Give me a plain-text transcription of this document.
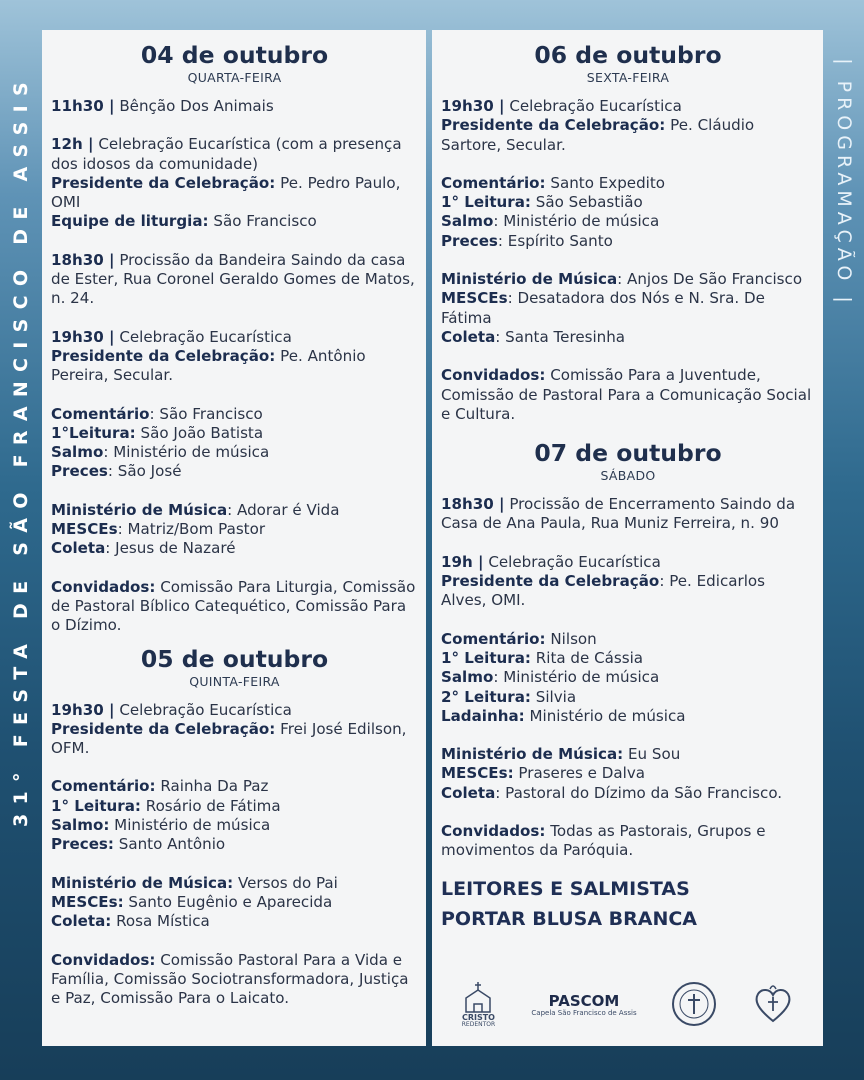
31° FESTA DE SÃO FRANCISCO DE ASSIS	| PROGRAMAÇÃO |
04 de outubro
QUARTA-FEIRA
11h30 | Bênção Dos Animais
12h | Celebração Eucarística (com a presença dos idosos da comunidade)
Presidente da Celebração: Pe. Pedro Paulo, OMI
Equipe de liturgia: São Francisco
18h30 | Procissão da Bandeira Saindo da casa de Ester, Rua Coronel Geraldo Gomes de Matos, n. 24.
19h30 | Celebração Eucarística
Presidente da Celebração: Pe. Antônio Pereira, Secular.
Comentário: São Francisco
1°Leitura: São João Batista
Salmo: Ministério de música
Preces: São José
Ministério de Música: Adorar é Vida
MESCEs: Matriz/Bom Pastor
Coleta: Jesus de Nazaré
Convidados: Comissão Para Liturgia, Comissão de Pastoral Bíblico Catequético, Comissão Para o Dízimo.
05 de outubro
QUINTA-FEIRA
19h30 | Celebração Eucarística
Presidente da Celebração: Frei José Edilson, OFM.
Comentário: Rainha Da Paz
1° Leitura: Rosário de Fátima
Salmo: Ministério de música
Preces: Santo Antônio
Ministério de Música: Versos do Pai
MESCEs: Santo Eugênio e Aparecida
Coleta: Rosa Mística
Convidados: Comissão Pastoral Para a Vida e Família, Comissão Sociotransformadora, Justiça e Paz, Comissão Para o Laicato.
06 de outubro
SEXTA-FEIRA
19h30 | Celebração Eucarística
Presidente da Celebração: Pe. Cláudio Sartore, Secular.
Comentário: Santo Expedito
1° Leitura: São Sebastião
Salmo: Ministério de música
Preces: Espírito Santo
Ministério de Música: Anjos De São Francisco
MESCEs: Desatadora dos Nós e N. Sra. De Fátima
Coleta: Santa Teresinha
Convidados: Comissão Para a Juventude, Comissão de Pastoral Para a Comunicação Social e Cultura.
07 de outubro
SÁBADO
18h30 | Procissão de Encerramento Saindo da Casa de Ana Paula, Rua Muniz Ferreira, n. 90
19h | Celebração Eucarística
Presidente da Celebração: Pe. Edicarlos Alves, OMI.
Comentário: Nilson
1° Leitura: Rita de Cássia
Salmo: Ministério de música
2° Leitura: Silvia
Ladainha: Ministério de música
Ministério de Música: Eu Sou
MESCEs: Praseres e Dalva
Coleta: Pastoral do Dízimo da São Francisco.
Convidados: Todas as Pastorais, Grupos e movimentos da Paróquia.
LEITORES E SALMISTAS
PORTAR BLUSA BRANCA
CRISTO
REDENTOR
PASCOM
Capela São Francisco de Assis
